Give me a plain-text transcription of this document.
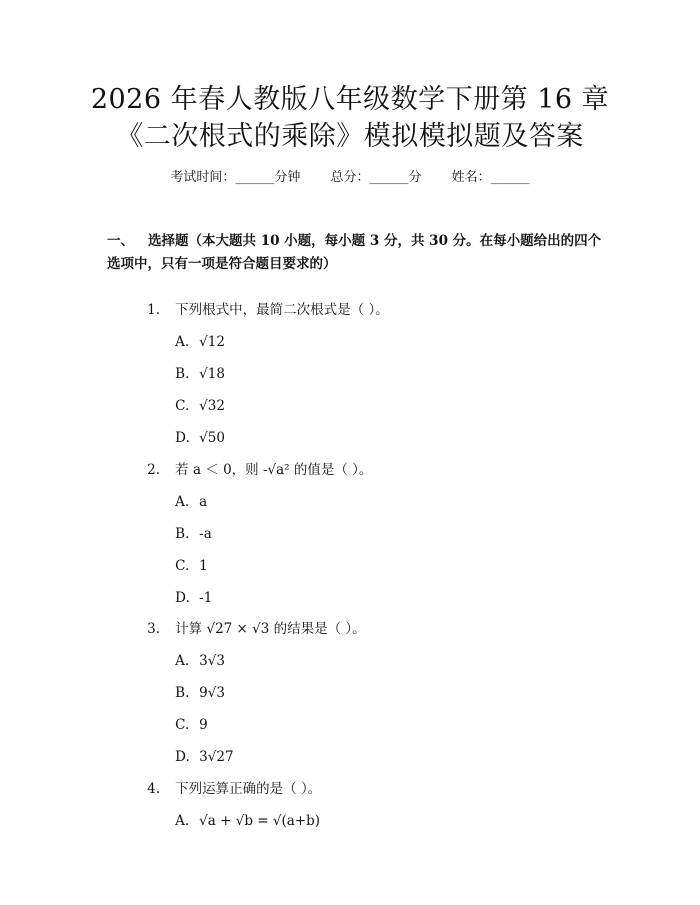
2026 年春人教版八年级数学下册第 16 章
《二次根式的乘除》模拟模拟题及答案
考试时间：______分钟 总分：______分 姓名：______
一、 选择题（本大题共 10 小题，每小题 3 分，共 30 分。在每小题给出的四个选项中，只有一项是符合题目要求的）

1. 下列根式中，最简二次根式是（ ）。

A. √12

B. √18

C. √32

D. √50

2. 若 a ＜ 0，则 -√a² 的值是（ ）。

A. a

B. -a

C. 1

D. -1

3. 计算 √27 × √3 的结果是（ ）。

A. 3√3

B. 9√3

C. 9

D. 3√27

4. 下列运算正确的是（ ）。

A. √a + √b = √(a+b)
